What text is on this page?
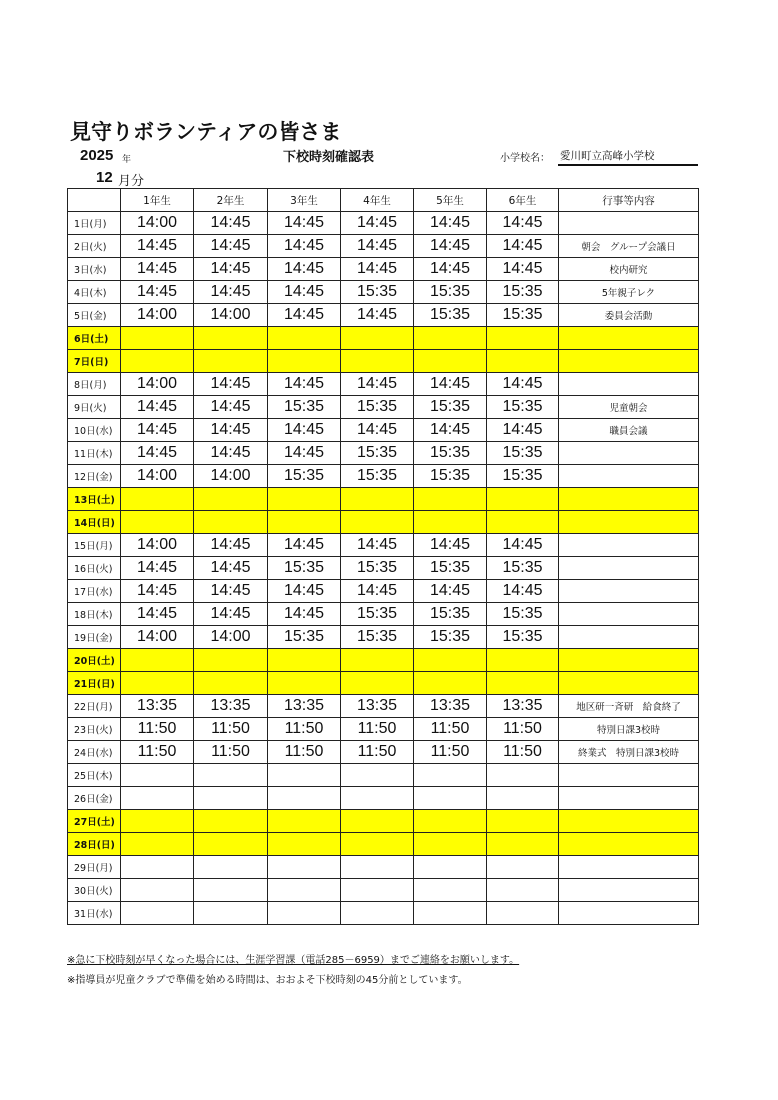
見守りボランティアの皆さま
2025 年
12 月分
下校時刻確認表	小学校名： 愛川町立高峰小学校
	1年生	2年生	3年生	4年生	5年生	6年生	行事等内容
1日(月)	14:00	14:45	14:45	14:45	14:45	14:45	
2日(火)	14:45	14:45	14:45	14:45	14:45	14:45	朝会　グループ会議日
3日(水)	14:45	14:45	14:45	14:45	14:45	14:45	校内研究
4日(木)	14:45	14:45	14:45	15:35	15:35	15:35	5年親子レク
5日(金)	14:00	14:00	14:45	14:45	15:35	15:35	委員会活動
6日(土)							
7日(日)							
8日(月)	14:00	14:45	14:45	14:45	14:45	14:45	
9日(火)	14:45	14:45	15:35	15:35	15:35	15:35	児童朝会
10日(水)	14:45	14:45	14:45	14:45	14:45	14:45	職員会議
11日(木)	14:45	14:45	14:45	15:35	15:35	15:35	
12日(金)	14:00	14:00	15:35	15:35	15:35	15:35	
13日(土)							
14日(日)							
15日(月)	14:00	14:45	14:45	14:45	14:45	14:45	
16日(火)	14:45	14:45	15:35	15:35	15:35	15:35	
17日(水)	14:45	14:45	14:45	14:45	14:45	14:45	
18日(木)	14:45	14:45	14:45	15:35	15:35	15:35	
19日(金)	14:00	14:00	15:35	15:35	15:35	15:35	
20日(土)							
21日(日)							
22日(月)	13:35	13:35	13:35	13:35	13:35	13:35	地区研一斉研　給食終了
23日(火)	11:50	11:50	11:50	11:50	11:50	11:50	特別日課3校時
24日(水)	11:50	11:50	11:50	11:50	11:50	11:50	終業式　特別日課3校時
25日(木)							
26日(金)							
27日(土)							
28日(日)							
29日(月)							
30日(火)							
31日(水)							
※急に下校時刻が早くなった場合には、生涯学習課（電話285－6959）までご連絡をお願いします。
※指導員が児童クラブで準備を始める時間は、おおよそ下校時刻の45分前としています。
